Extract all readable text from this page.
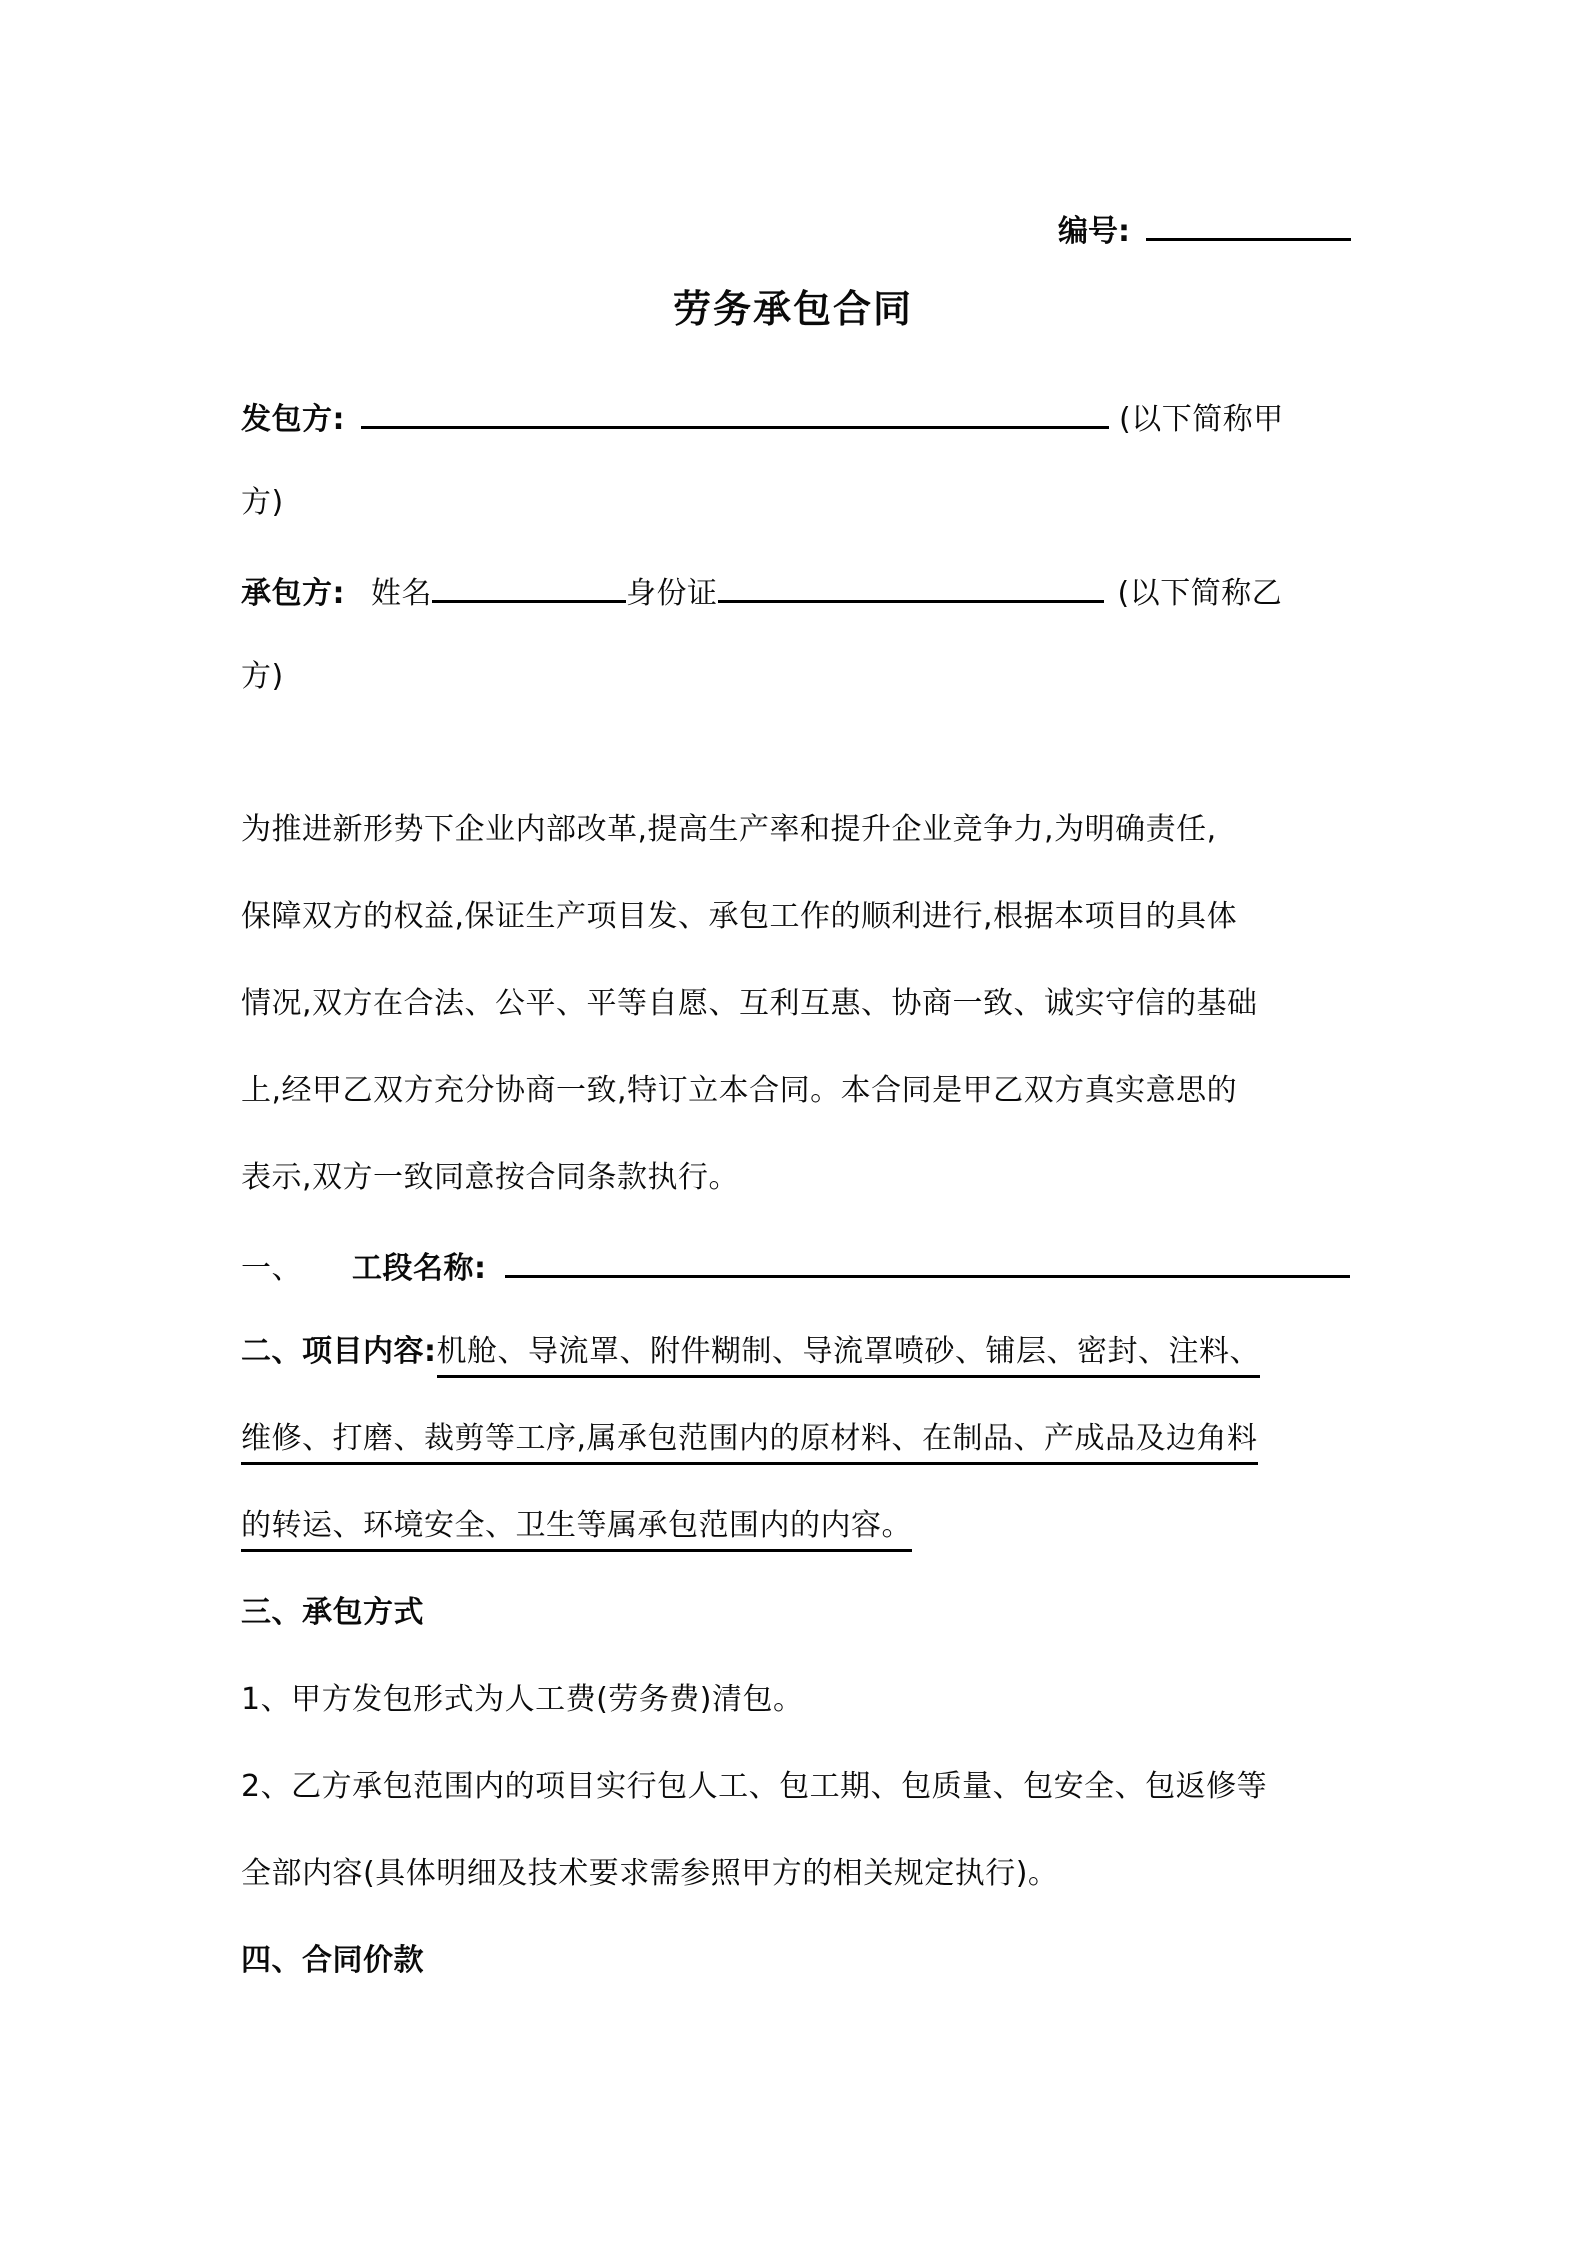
编号:
劳务承包合同
发包方:	(以下简称甲
方)
承包方: 姓名	身份证	(以下简称乙
方)
为推进新形势下企业内部改革,提高生产率和提升企业竞争力,为明确责任,
保障双方的权益,保证生产项目发、承包工作的顺利进行,根据本项目的具体
情况,双方在合法、公平、平等自愿、互利互惠、协商一致、诚实守信的基础
上,经甲乙双方充分协商一致,特订立本合同。本合同是甲乙双方真实意思的
表示,双方一致同意按合同条款执行。
一、 工段名称:
二、项目内容:机舱、导流罩、附件糊制、导流罩喷砂、铺层、密封、注料、
维修、打磨、裁剪等工序,属承包范围内的原材料、在制品、产成品及边角料
的转运、环境安全、卫生等属承包范围内的内容。
三、承包方式
1、甲方发包形式为人工费(劳务费)清包。
2、乙方承包范围内的项目实行包人工、包工期、包质量、包安全、包返修等
全部内容(具体明细及技术要求需参照甲方的相关规定执行)。
四、合同价款
